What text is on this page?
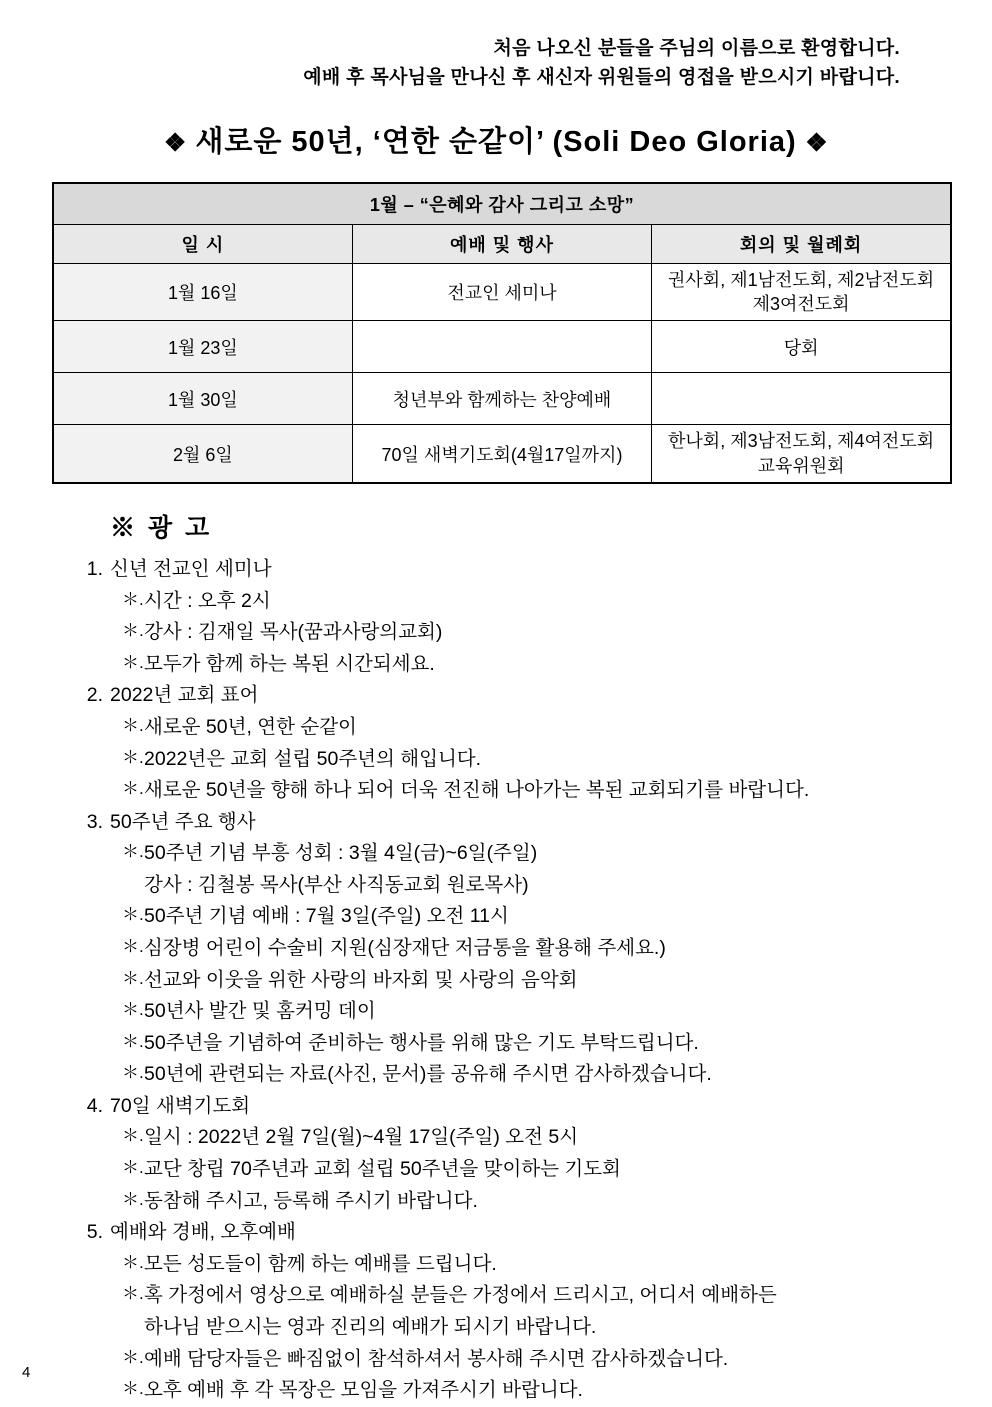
처음 나오신 분들을 주님의 이름으로 환영합니다.
예배 후 목사님을 만나신 후 새신자 위원들의 영접을 받으시기 바랍니다.
❖ 새로운 50년, ‘연한 순같이’ (Soli Deo Gloria) ❖
1월 – “은혜와 감사 그리고 소망”		
일 시	예배 및 행사	회의 및 월례회
1월 16일	전교인 세미나	권사회, 제1남전도회, 제2남전도회
제3여전도회

1월 23일		당회
1월 30일	청년부와 함께하는 찬양예배	
2월 6일	70일 새벽기도회(4월17일까지)	한나회, 제3남전도회, 제4여전도회
교육위원회
※ 광 고
1. 신년 전교인 세미나
＊. 시간 : 오후 2시
＊. 강사 : 김재일 목사(꿈과사랑의교회)
＊. 모두가 함께 하는 복된 시간되세요.
2. 2022년 교회 표어
＊. 새로운 50년, 연한 순같이
＊. 2022년은 교회 설립 50주년의 해입니다.
＊. 새로운 50년을 향해 하나 되어 더욱 전진해 나아가는 복된 교회되기를 바랍니다.
3. 50주년 주요 행사
＊. 50주년 기념 부흥 성회 : 3월 4일(금)~6일(주일)
강사 : 김철봉 목사(부산 사직동교회 원로목사)
＊. 50주년 기념 예배 : 7월 3일(주일) 오전 11시
＊. 심장병 어린이 수술비 지원(심장재단 저금통을 활용해 주세요.)
＊. 선교와 이웃을 위한 사랑의 바자회 및 사랑의 음악회
＊. 50년사 발간 및 홈커밍 데이
＊. 50주년을 기념하여 준비하는 행사를 위해 많은 기도 부탁드립니다.
＊. 50년에 관련되는 자료(사진, 문서)를 공유해 주시면 감사하겠습니다.
4. 70일 새벽기도회
＊. 일시 : 2022년 2월 7일(월)~4월 17일(주일) 오전 5시
＊. 교단 창립 70주년과 교회 설립 50주년을 맞이하는 기도회
＊. 동참해 주시고, 등록해 주시기 바랍니다.
5. 예배와 경배, 오후예배
＊. 모든 성도들이 함께 하는 예배를 드립니다.
＊. 혹 가정에서 영상으로 예배하실 분들은 가정에서 드리시고, 어디서 예배하든
하나님 받으시는 영과 진리의 예배가 되시기 바랍니다.
＊. 예배 담당자들은 빠짐없이 참석하셔서 봉사해 주시면 감사하겠습니다.
＊. 오후 예배 후 각 목장은 모임을 가져주시기 바랍니다.
4
